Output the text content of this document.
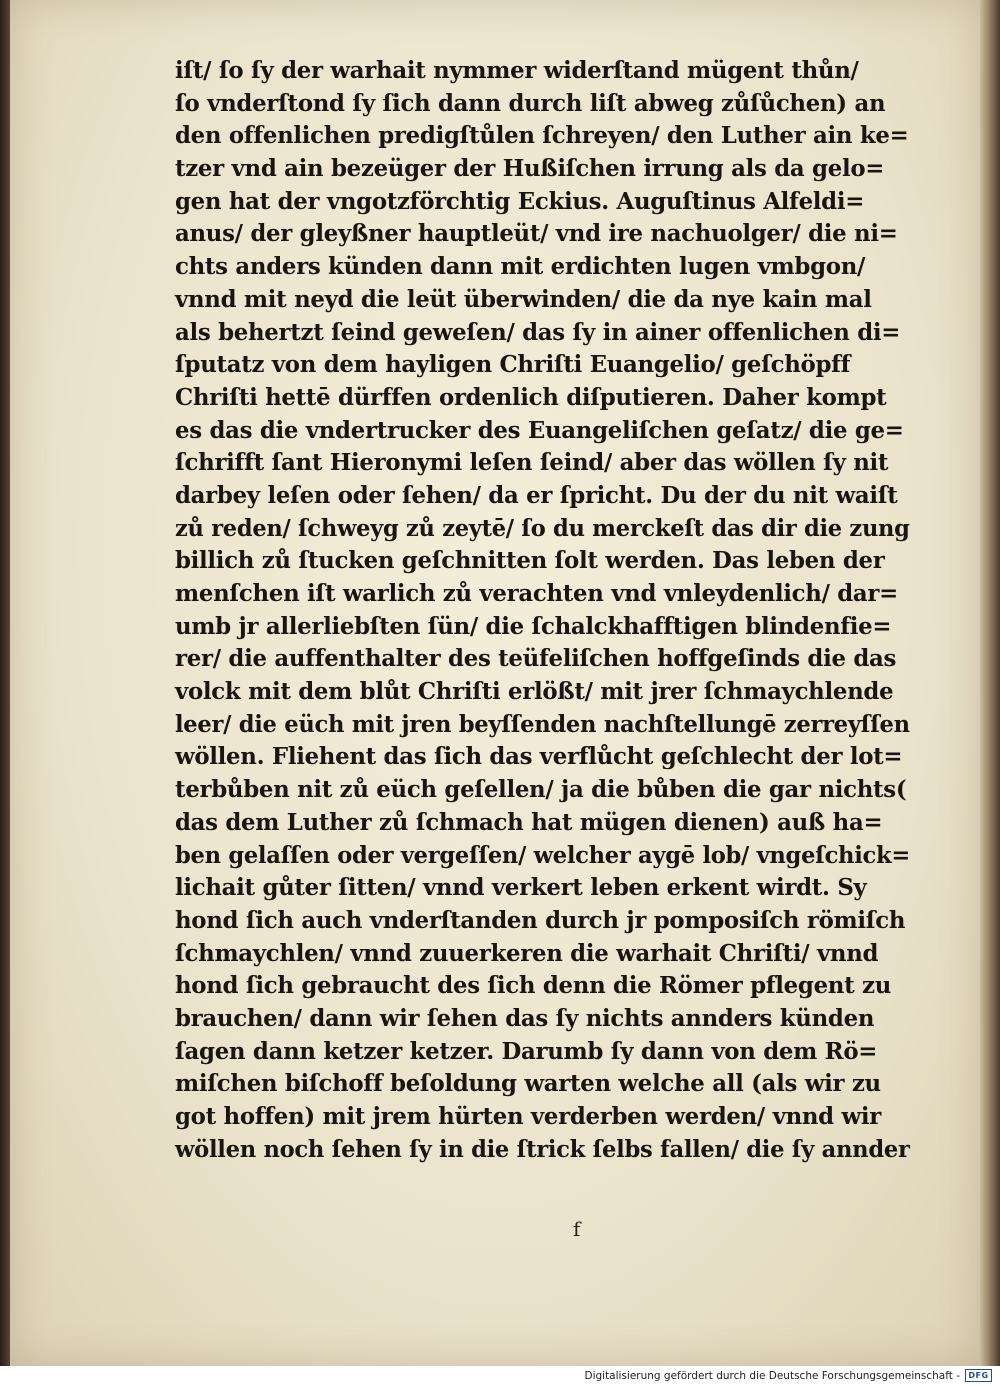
iſt/ ſo ſy der warhait nymmer widerſtand mügent thůn/
ſo vnderſtond ſy ſich dann durch liſt abweg zůſůchen) an
den offenlichen predigſtůlen ſchreyen/ den Luther ain ke=
tzer vnd ain bezeüger der Hußiſchen irrung als da gelo=
gen hat der vngotzförchtig Eckius. Auguſtinus Alfeldi=
anus/ der gleyßner hauptleüt/ vnd ire nachuolger/ die ni=
chts anders künden dann mit erdichten lugen vmbgon/
vnnd mit neyd die leüt überwinden/ die da nye kain mal
als behertzt ſeind geweſen/ das ſy in ainer offenlichen di=
ſputatz von dem hayligen Chriſti Euangelio/ geſchöpff
Chriſti hettē dürffen ordenlich diſputieren. Daher kompt
es das die vndertrucker des Euangeliſchen geſatz/ die ge=
ſchrifft ſant Hieronymi leſen ſeind/ aber das wöllen ſy nit
darbey leſen oder ſehen/ da er ſpricht. Du der du nit waiſt
zů reden/ ſchweyg zů zeytē/ ſo du merckeſt das dir die zung
billich zů ſtucken geſchnitten ſolt werden. Das leben der
menſchen iſt warlich zů verachten vnd vnleydenlich/ dar=
umb jr allerliebſten ſün/ die ſchalckhafftigen blindenfie=
rer/ die auffenthalter des teüfeliſchen hoffgeſinds die das
volck mit dem blůt Chriſti erlößt/ mit jrer ſchmaychlende
leer/ die eüch mit jren beyſſenden nachſtellungē zerreyſſen
wöllen. Fliehent das ſich das verflůcht geſchlecht der lot=
terbůben nit zů eüch geſellen/ ja die bůben die gar nichts(
das dem Luther zů ſchmach hat mügen dienen) auß ha=
ben gelaſſen oder vergeſſen/ welcher aygē lob/ vngeſchick=
lichait gůter ſitten/ vnnd verkert leben erkent wirdt. Sy
hond ſich auch vnderſtanden durch jr pomposiſch römiſch
ſchmaychlen/ vnnd zuuerkeren die warhait Chriſti/ vnnd
hond ſich gebraucht des ſich denn die Römer pflegent zu
brauchen/ dann wir ſehen das ſy nichts annders künden
ſagen dann ketzer ketzer. Darumb ſy dann von dem Rö=
miſchen biſchoff beſoldung warten welche all (als wir zu
got hoffen) mit jrem hürten verderben werden/ vnnd wir
wöllen noch ſehen ſy in die ſtrick ſelbs fallen/ die ſy annder
f
Digitalisierung gefördert durch die Deutsche Forschungsgemeinschaft -	DFG
